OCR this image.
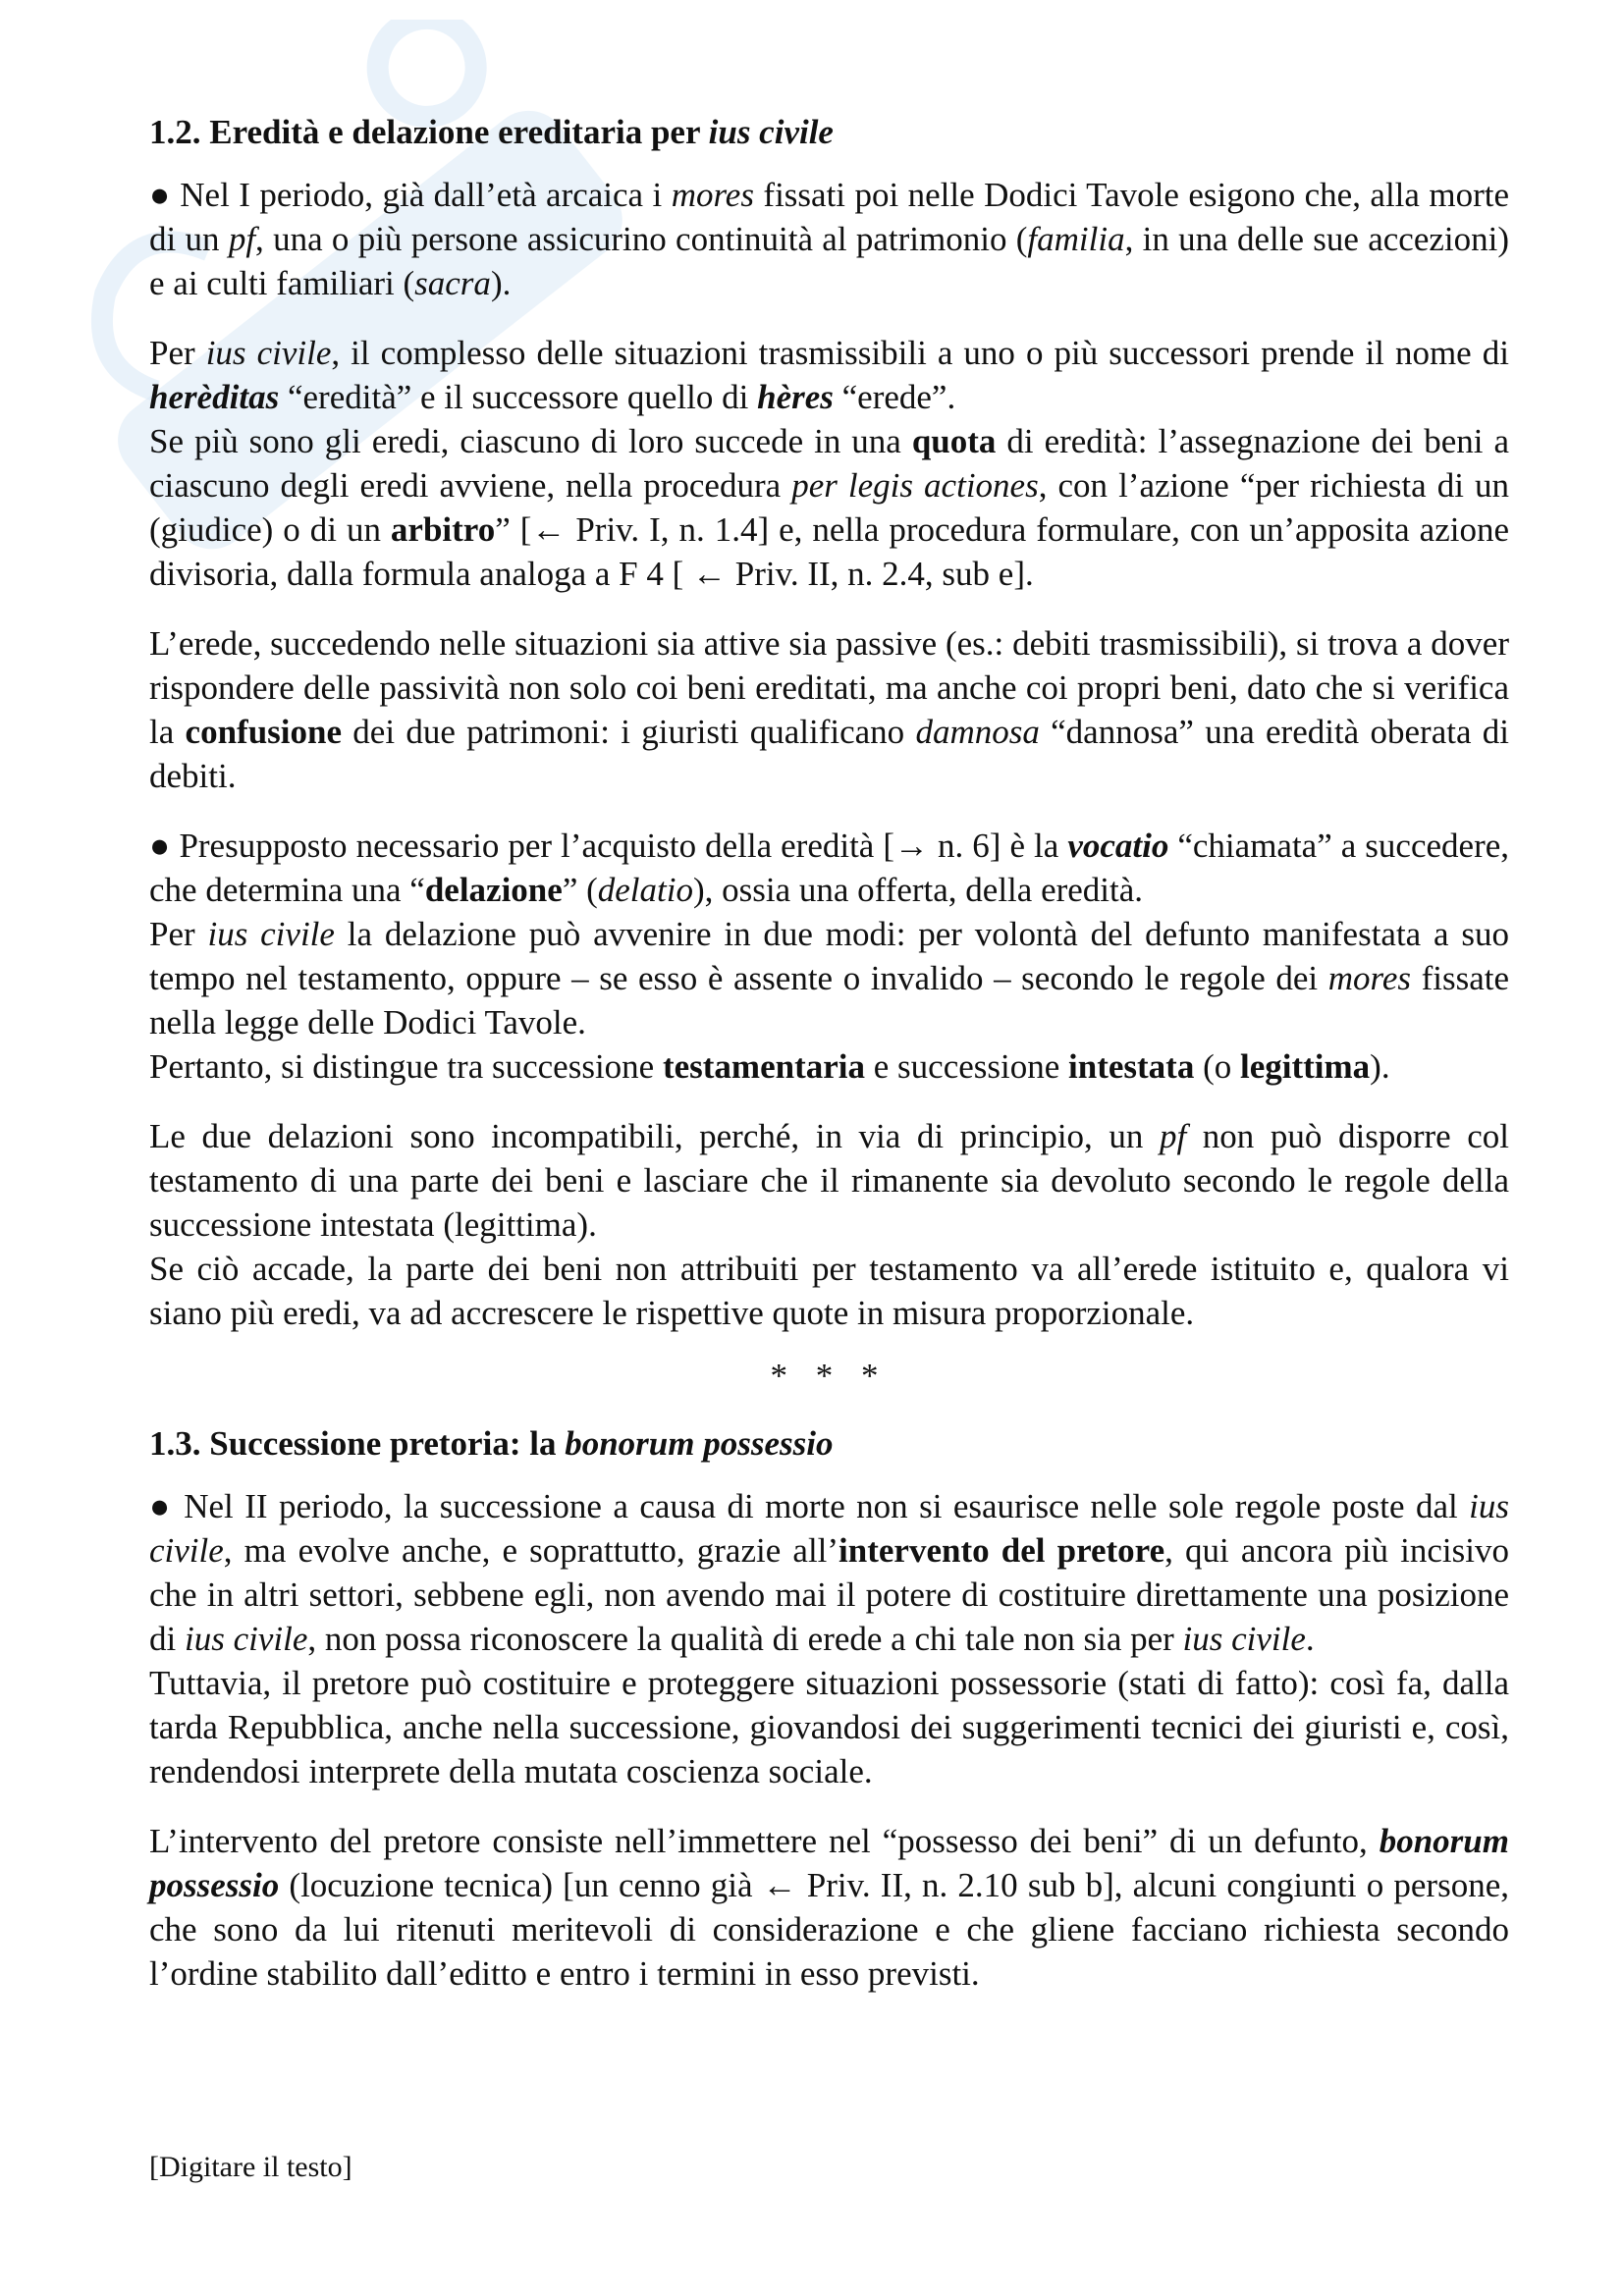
1.2. Eredità e delazione ereditaria per ius civile

● Nel I periodo, già dall’età arcaica i mores fissati poi nelle Dodici Tavole esigono che, alla morte di un pf, una o più persone assicurino continuità al patrimonio (familia, in una delle sue accezioni) e ai culti familiari (sacra).

Per ius civile, il complesso delle situazioni trasmissibili a uno o più successori prende il nome di herèditas “eredità” e il successore quello di hères “erede”.

Se più sono gli eredi, ciascuno di loro succede in una quota di eredità: l’assegnazione dei beni a ciascuno degli eredi avviene, nella procedura per legis actiones, con l’azione “per richiesta di un (giudice) o di un arbitro” [← Priv. I, n. 1.4] e, nella procedura formulare, con un’apposita azione divisoria, dalla formula analoga a F 4 [ ← Priv. II, n. 2.4, sub e].

L’erede, succedendo nelle situazioni sia attive sia passive (es.: debiti trasmissibili), si trova a dover rispondere delle passività non solo coi beni ereditati, ma anche coi propri beni, dato che si verifica la confusione dei due patrimoni: i giuristi qualificano damnosa “dannosa” una eredità oberata di debiti.

● Presupposto necessario per l’acquisto della eredità [→ n. 6] è la vocatio “chiamata” a succedere, che determina una “delazione” (delatio), ossia una offerta, della eredità.

Per ius civile la delazione può avvenire in due modi: per volontà del defunto manifestata a suo tempo nel testamento, oppure – se esso è assente o invalido – secondo le regole dei mores fissate nella legge delle Dodici Tavole.

Pertanto, si distingue tra successione testamentaria e successione intestata (o legittima).

Le due delazioni sono incompatibili, perché, in via di principio, un pf non può disporre col testamento di una parte dei beni e lasciare che il rimanente sia devoluto secondo le regole della successione intestata (legittima).

Se ciò accade, la parte dei beni non attribuiti per testamento va all’erede istituito e, qualora vi siano più eredi, va ad accrescere le rispettive quote in misura proporzionale.

* * *
1.3. Successione pretoria: la bonorum possessio

● Nel II periodo, la successione a causa di morte non si esaurisce nelle sole regole poste dal ius civile, ma evolve anche, e soprattutto, grazie all’intervento del pretore, qui ancora più incisivo che in altri settori, sebbene egli, non avendo mai il potere di costituire direttamente una posizione di ius civile, non possa riconoscere la qualità di erede a chi tale non sia per ius civile.

Tuttavia, il pretore può costituire e proteggere situazioni possessorie (stati di fatto): così fa, dalla tarda Repubblica, anche nella successione, giovandosi dei suggerimenti tecnici dei giuristi e, così, rendendosi interprete della mutata coscienza sociale.

L’intervento del pretore consiste nell’immettere nel “possesso dei beni” di un defunto, bonorum possessio (locuzione tecnica) [un cenno già ← Priv. II, n. 2.10 sub b], alcuni congiunti o persone, che sono da lui ritenuti meritevoli di considerazione e che gliene facciano richiesta secondo l’ordine stabilito dall’editto e entro i termini in esso previsti.

[Digitare il testo]
